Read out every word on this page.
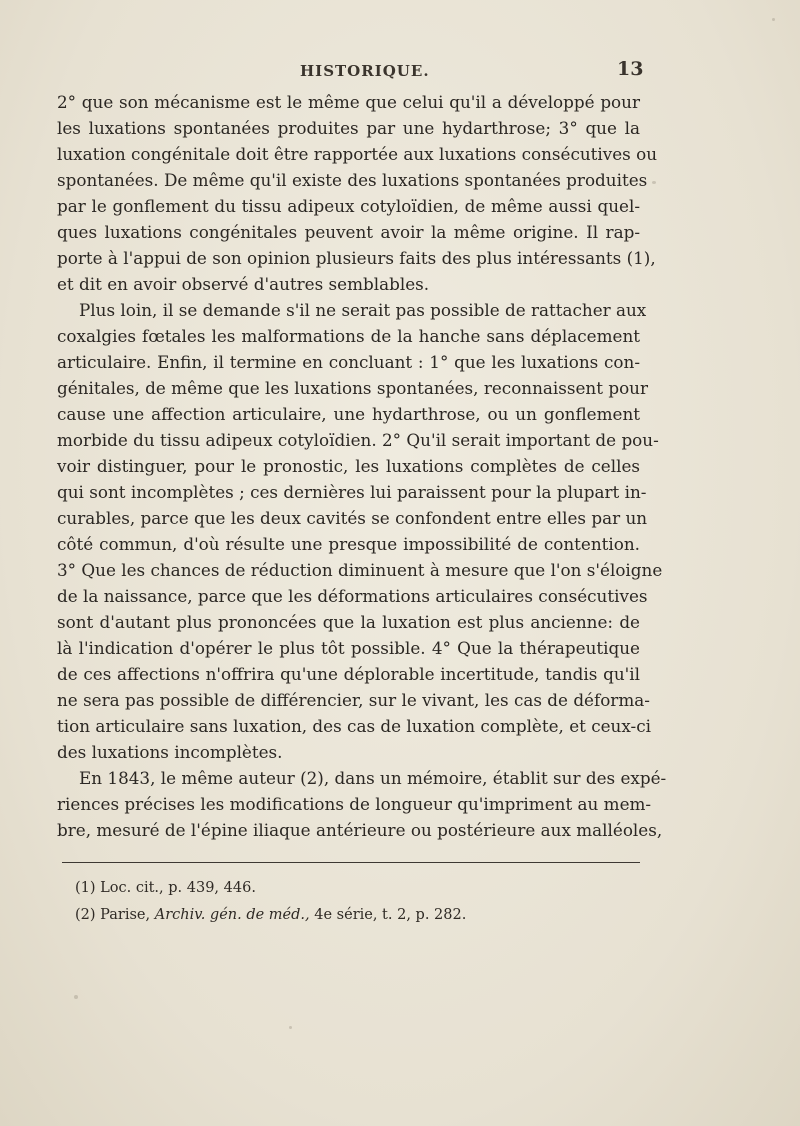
HISTORIQUE.	13
2° que son mécanisme est le même que celui qu'il a développé pour
les luxations spontanées produites par une hydarthrose; 3° que la
luxation congénitale doit être rapportée aux luxations consécutives ou
spontanées. De même qu'il existe des luxations spontanées produites
par le gonflement du tissu adipeux cotyloïdien, de même aussi quel-
ques luxations congénitales peuvent avoir la même origine. Il rap-
porte à l'appui de son opinion plusieurs faits des plus intéressants (1),
et dit en avoir observé d'autres semblables.
Plus loin, il se demande s'il ne serait pas possible de rattacher aux
coxalgies fœtales les malformations de la hanche sans déplacement
articulaire. Enfin, il termine en concluant : 1° que les luxations con-
génitales, de même que les luxations spontanées, reconnaissent pour
cause une affection articulaire, une hydarthrose, ou un gonflement
morbide du tissu adipeux cotyloïdien. 2° Qu'il serait important de pou-
voir distinguer, pour le pronostic, les luxations complètes de celles
qui sont incomplètes ; ces dernières lui paraissent pour la plupart in-
curables, parce que les deux cavités se confondent entre elles par un
côté commun, d'où résulte une presque impossibilité de contention.
3° Que les chances de réduction diminuent à mesure que l'on s'éloigne
de la naissance, parce que les déformations articulaires consécutives
sont d'autant plus prononcées que la luxation est plus ancienne: de
là l'indication d'opérer le plus tôt possible. 4° Que la thérapeutique
de ces affections n'offrira qu'une déplorable incertitude, tandis qu'il
ne sera pas possible de différencier, sur le vivant, les cas de déforma-
tion articulaire sans luxation, des cas de luxation complète, et ceux-ci
des luxations incomplètes.
En 1843, le même auteur (2), dans un mémoire, établit sur des expé-
riences précises les modifications de longueur qu'impriment au mem-
bre, mesuré de l'épine iliaque antérieure ou postérieure aux malléoles,
(1) Loc. cit., p. 439, 446.
(2) Parise, Archiv. gén. de méd., 4e série, t. 2, p. 282.
